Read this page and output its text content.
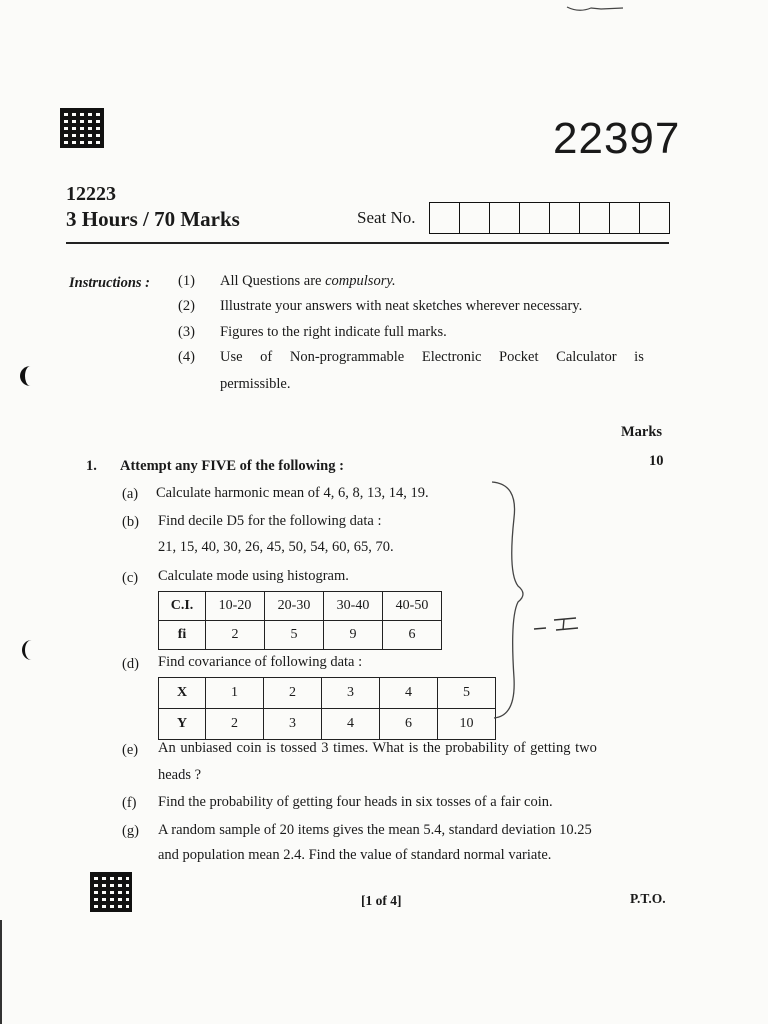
22397
12223
3 Hours / 70 Marks	Seat No.
Instructions : (1)	All Questions are compulsory.
(2)	Illustrate your answers with neat sketches wherever necessary.
(3)	Figures to the right indicate full marks.
(4)	Use of Non-programmable Electronic Pocket Calculator is
permissible.
Marks
1. Attempt any FIVE of the following :	10
(a) Calculate harmonic mean of 4, 6, 8, 13, 14, 19.
(b) Find decile D5 for the following data :
21, 15, 40, 30, 26, 45, 50, 54, 60, 65, 70.
(c) Calculate mode using histogram.
C.I.	10-20	20-30	30-40	40-50
fi	2	5	9	6
(d) Find covariance of following data :
X	1	2	3	4	5
Y	2	3	4	6	10
(e) An unbiased coin is tossed 3 times. What is the probability of getting two
heads ?
(f) Find the probability of getting four heads in six tosses of a fair coin.
(g) A random sample of 20 items gives the mean 5.4, standard deviation 10.25
and population mean 2.4. Find the value of standard normal variate.
[1 of 4]	P.T.O.
